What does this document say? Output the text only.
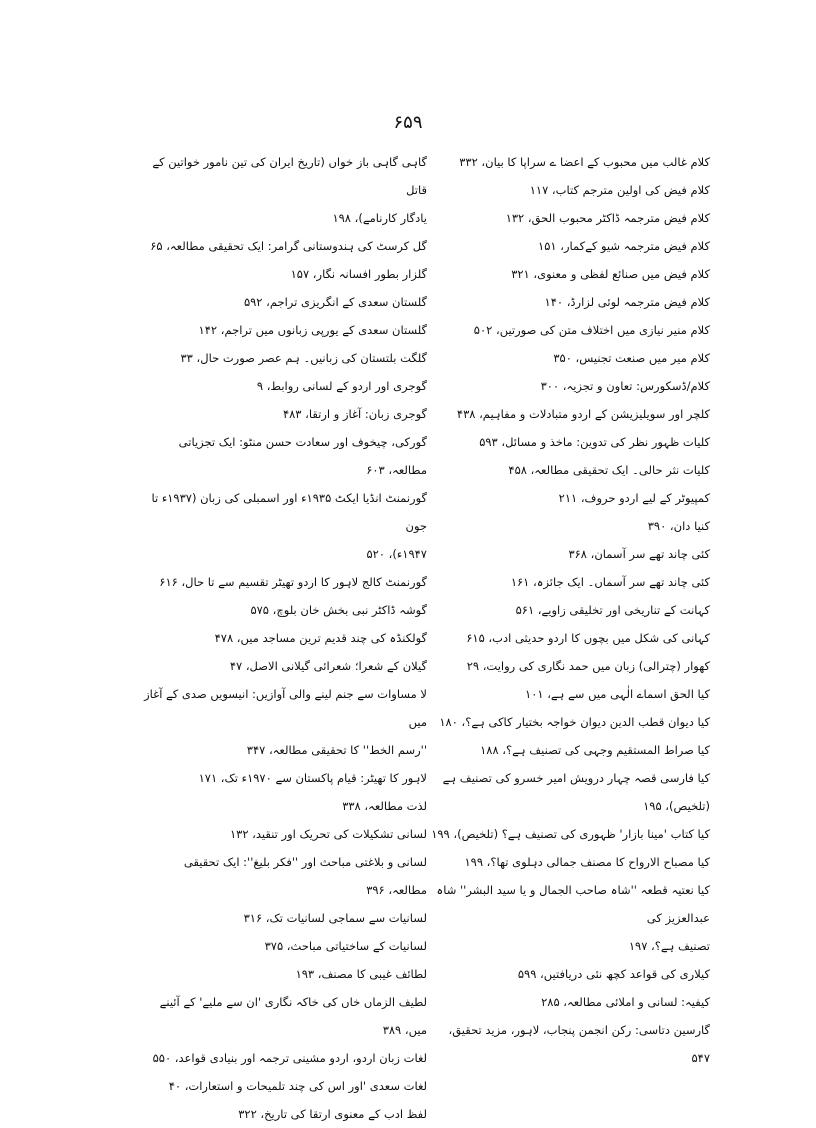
۶۵۹

کلام غالب میں محبوب کے اعضا ے سراپا کا بیان، ۳۳۲

کلام فیض کی اولین مترجم کتاب، ۱۱۷

کلام فیض مترجمہ ڈاکٹر محبوب الحق، ۱۳۲

کلام فیض مترجمہ شیو کےکمار، ۱۵۱

کلام فیض میں صنائع لفظی و معنوی، ۳۲۱

کلام فیض مترجمہ لوئی لزارڈ، ۱۴۰

کلام منیر نیازی میں اختلاف متن کی صورتیں، ۵۰۲

کلام میر میں صنعت تجنیس، ۳۵۰

کلام/ڈسکورس: تعاون و تجزیہ، ۳۰۰

کلچر اور سویلیزیشن کے اردو متبادلات و مفاہیم، ۴۳۸

کلیات ظہور نظر کی تدوین: ماخذ و مسائل، ۵۹۳

کلیات نثر حالی۔ ایک تحقیقی مطالعہ، ۴۵۸

کمپیوٹر کے لیے اردو حروف، ۲۱۱

کنیا دان، ۳۹۰

کئی چاند تھے سر آسمان، ۳۶۸

کئی چاند تھے سر آسماں۔ ایک جائزہ، ۱۶۱

کہانت کے تناریخی اور تخلیقی زاویے، ۵۶۱

کہانی کی شکل میں بچوں کا اردو حدیثی ادب، ۶۱۵

کھوار (چترالی) زبان میں حمد نگاری کی روایت، ۲۹

کیا الحق اسماے الٰہی میں سے ہے، ۱۰۱

کیا دیوان قطب الدین دیوان خواجہ بختیار کاکی ہے؟، ۱۸۰

کیا صراط المستقیم وجہی کی تصنیف ہے؟، ۱۸۸

کیا فارسی قصہ چہار درویش امیر خسرو کی تصنیف ہے (تلخیص)، ۱۹۵

کیا کتاب 'مینا بازار' ظہوری کی تصنیف ہے؟ (تلخیص)، ۱۹۹

کیا مصباح الارواح کا مصنف جمالی دہلوی تھا؟، ۱۹۹

کیا نعتیہ قطعہ ''شاہ صاحب الجمال و یا سید البشر'' شاہ عبدالعزیز کی

تصنیف ہے؟، ۱۹۷

کیلاری کی قواعد کچھ نئی دریافتیں، ۵۹۹

کیفیہ: لسانی و املائی مطالعہ، ۲۸۵

گارسین دتاسی: رکن انجمن پنجاب، لاہور، مزید تحقیق، ۵۴۷

گاہی گاہی باز خواں (تاریخ ایران کی تین نامور خواتین کے قاتل

یادگار کارنامے)، ۱۹۸

گل کرسٹ کی ہندوستانی گرامر: ایک تحقیقی مطالعہ، ۶۵

گلزار بطور افسانہ نگار، ۱۵۷

گلستان سعدی کے انگریزی تراجم، ۵۹۲

گلستان سعدی کے یورپی زبانوں میں تراجم، ۱۴۲

گلگت بلتستان کی زبانیں۔ ہم عصر صورت حال، ۳۳

گوجری اور اردو کے لسانی روابط، ۹

گوجری زبان: آغاز و ارتقا، ۴۸۳

گورکی، چیخوف اور سعادت حسن منٹو: ایک تجزیاتی مطالعہ، ۶۰۳

گورنمنٹ انڈیا ایکٹ ۱۹۳۵ء اور اسمبلی کی زبان (۱۹۳۷ء تا جون

۱۹۴۷ء)، ۵۲۰

گورنمنٹ کالج لاہور کا اردو تھیٹر تقسیم سے تا حال، ۶۱۶

گوشہ ڈاکٹر نبی بخش خان بلوچ، ۵۷۵

گولکنڈہ کی چند قدیم ترین مساجد میں، ۴۷۸

گیلان کے شعرا؛ شعرائی گیلانی الاصل، ۴۷

لا مساوات سے جنم لینے والی آوازیں: انیسویں صدی کے آغاز میں

''رسم الخط'' کا تحقیقی مطالعہ، ۳۴۷

لاہور کا تھیٹر: قیام پاکستان سے ۱۹۷۰ء تک، ۱۷۱

لذت مطالعہ، ۳۳۸

لسانی تشکیلات کی تحریک اور تنقید، ۱۳۲

لسانی و بلاغتی مباحث اور ''فکر بلیغ'': ایک تحقیقی مطالعہ، ۳۹۶

لسانیات سے سماجی لسانیات تک، ۳۱۶

لسانیات کے ساختیاتی مباحث، ۳۷۵

لطائف غیبی کا مصنف، ۱۹۳

لطیف الزماں خاں کی خاکہ نگاری 'ان سے ملیے' کے آئینے

میں، ۳۸۹

لغات زبان اردو، اردو مشینی ترجمہ اور بنیادی قواعد، ۵۵۰

لغات سعدی 'اور اس کی چند تلمیحات و استعارات، ۴۰

لفظ ادب کے معنوی ارتقا کی تاریخ، ۳۲۲
